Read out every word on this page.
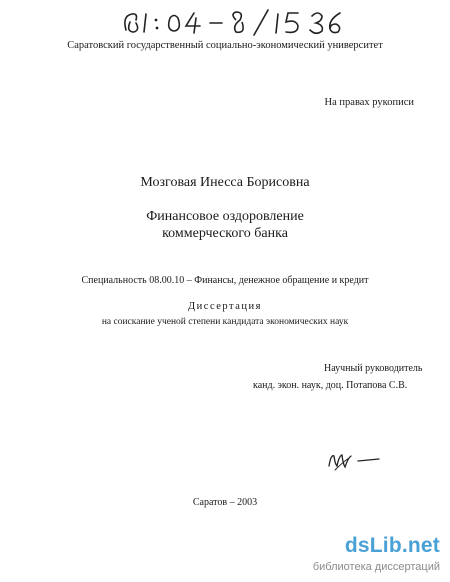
Саратовский государственный социально-экономический университет
На правах рукописи
Мозговая Инесса Борисовна
Финансовое оздоровление
коммерческого банка
Специальность 08.00.10 – Финансы, денежное обращение и кредит
Диссертация
на соискание ученой степени кандидата экономических наук
Научный руководитель
канд. экон. наук, доц. Потапова С.В.
Саратов – 2003
dsLib.net
библиотека диссертаций
